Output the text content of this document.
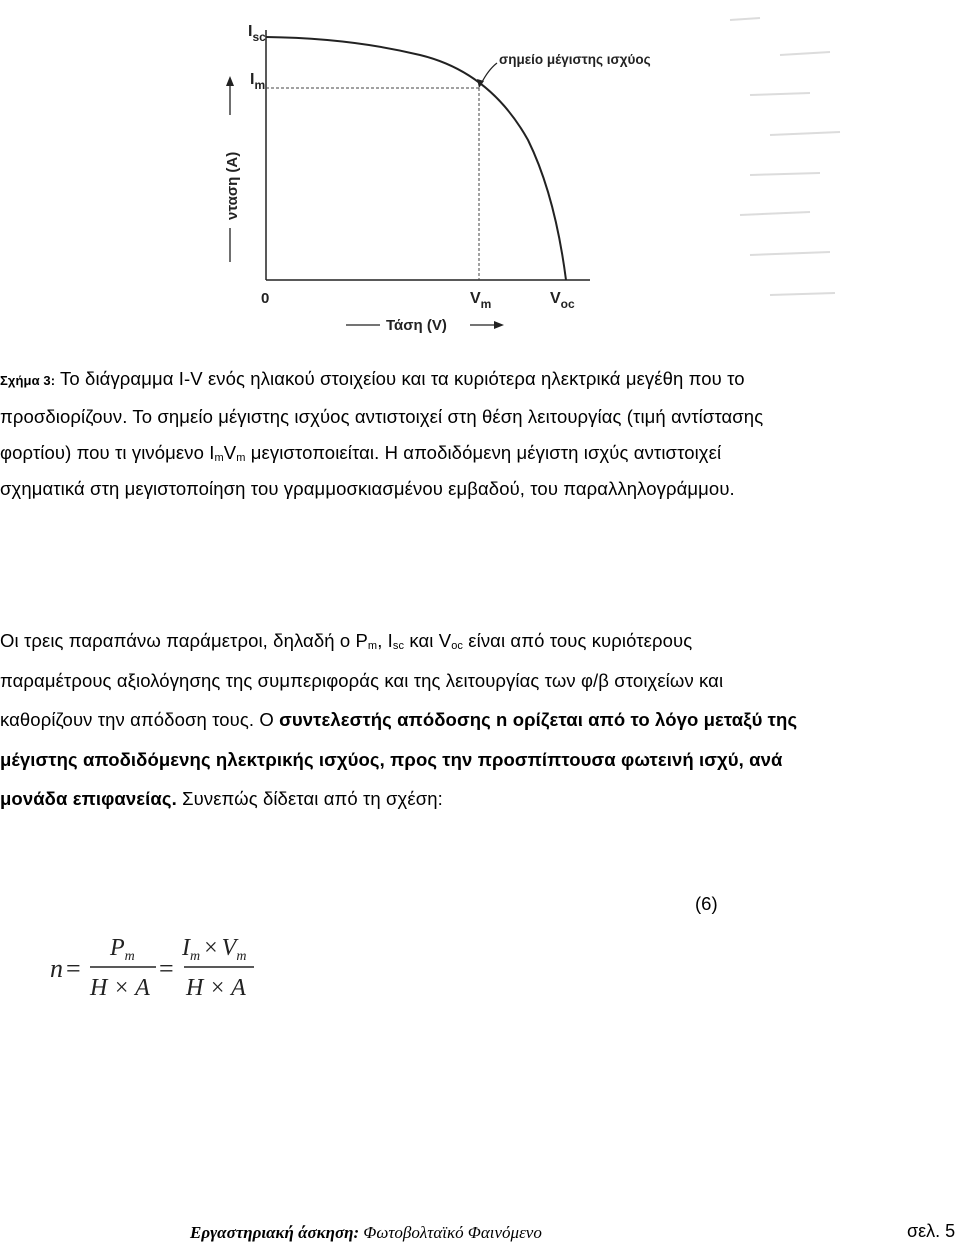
$I_{sc}$
$I_m$
0	$V_m$	$V_{oc}$
σημείο μέγιστης ισχύος
νταση (A)
Τάση (V)
Σχήμα 3: Το διάγραμμα I-V ενός ηλιακού στοιχείου και τα κυριότερα ηλεκτρικά μεγέθη που το
προσδιορίζουν. Το σημείο μέγιστης ισχύος αντιστοιχεί στη θέση λειτουργίας (τιμή αντίστασης
φορτίου) που τι γινόμενο $I_mV_m$ μεγιστοποιείται. Η αποδιδόμενη μέγιστη ισχύς αντιστοιχεί
σχηματικά στη μεγιστοποίηση του γραμμοσκιασμένου εμβαδού, του παραλληλογράμμου.
Οι τρεις παραπάνω παράμετροι, δηλαδή ο $P_m$, $I_{sc}$ και $V_{oc}$ είναι από τους κυριότερους
παραμέτρους αξιολόγησης της συμπεριφοράς και της λειτουργίας των φ/β στοιχείων και
καθορίζουν την απόδοση τους. Ο συντελεστής απόδοσης n ορίζεται από το λόγο μεταξύ της
μέγιστης αποδιδόμενης ηλεκτρικής ισχύος, προς την προσπίπτουσα φωτεινή ισχύ, ανά
μονάδα επιφανείας. Συνεπώς δίδεται από τη σχέση:
(6)
n =
$P_m$
H × A
=
$I_m \times V_m$
H × A
Εργαστηριακή άσκηση: Φωτοβολταϊκό Φαινόμενο	σελ. 5
